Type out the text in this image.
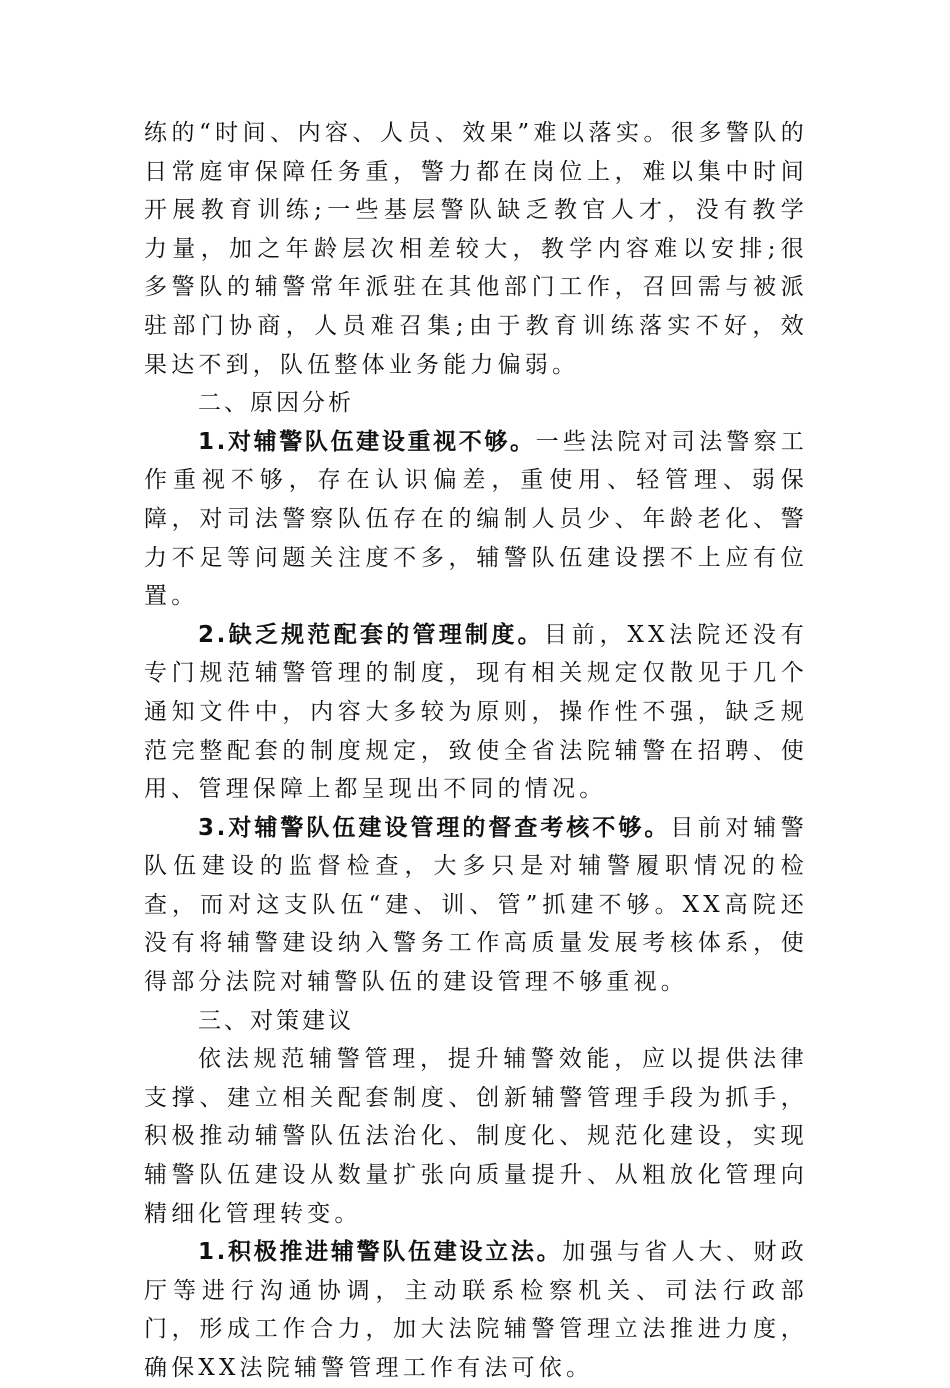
练的“时间、内容、人员、效果”难以落实。很多警队的日常庭审保障任务重，警力都在岗位上，难以集中时间开展教育训练;一些基层警队缺乏教官人才，没有教学力量，加之年龄层次相差较大，教学内容难以安排;很多警队的辅警常年派驻在其他部门工作，召回需与被派驻部门协商，人员难召集;由于教育训练落实不好，效果达不到，队伍整体业务能力偏弱。

二、原因分析

1.对辅警队伍建设重视不够。一些法院对司法警察工作重视不够，存在认识偏差，重使用、轻管理、弱保障，对司法警察队伍存在的编制人员少、年龄老化、警力不足等问题关注度不多，辅警队伍建设摆不上应有位置。

2.缺乏规范配套的管理制度。目前，XX法院还没有专门规范辅警管理的制度，现有相关规定仅散见于几个通知文件中，内容大多较为原则，操作性不强，缺乏规范完整配套的制度规定，致使全省法院辅警在招聘、使用、管理保障上都呈现出不同的情况。

3.对辅警队伍建设管理的督查考核不够。目前对辅警队伍建设的监督检查，大多只是对辅警履职情况的检查，而对这支队伍“建、训、管”抓建不够。XX高院还没有将辅警建设纳入警务工作高质量发展考核体系，使得部分法院对辅警队伍的建设管理不够重视。

三、对策建议

依法规范辅警管理，提升辅警效能，应以提供法律支撑、建立相关配套制度、创新辅警管理手段为抓手，积极推动辅警队伍法治化、制度化、规范化建设，实现辅警队伍建设从数量扩张向质量提升、从粗放化管理向精细化管理转变。

1.积极推进辅警队伍建设立法。加强与省人大、财政厅等进行沟通协调，主动联系检察机关、司法行政部门，形成工作合力，加大法院辅警管理立法推进力度，确保XX法院辅警管理工作有法可依。
